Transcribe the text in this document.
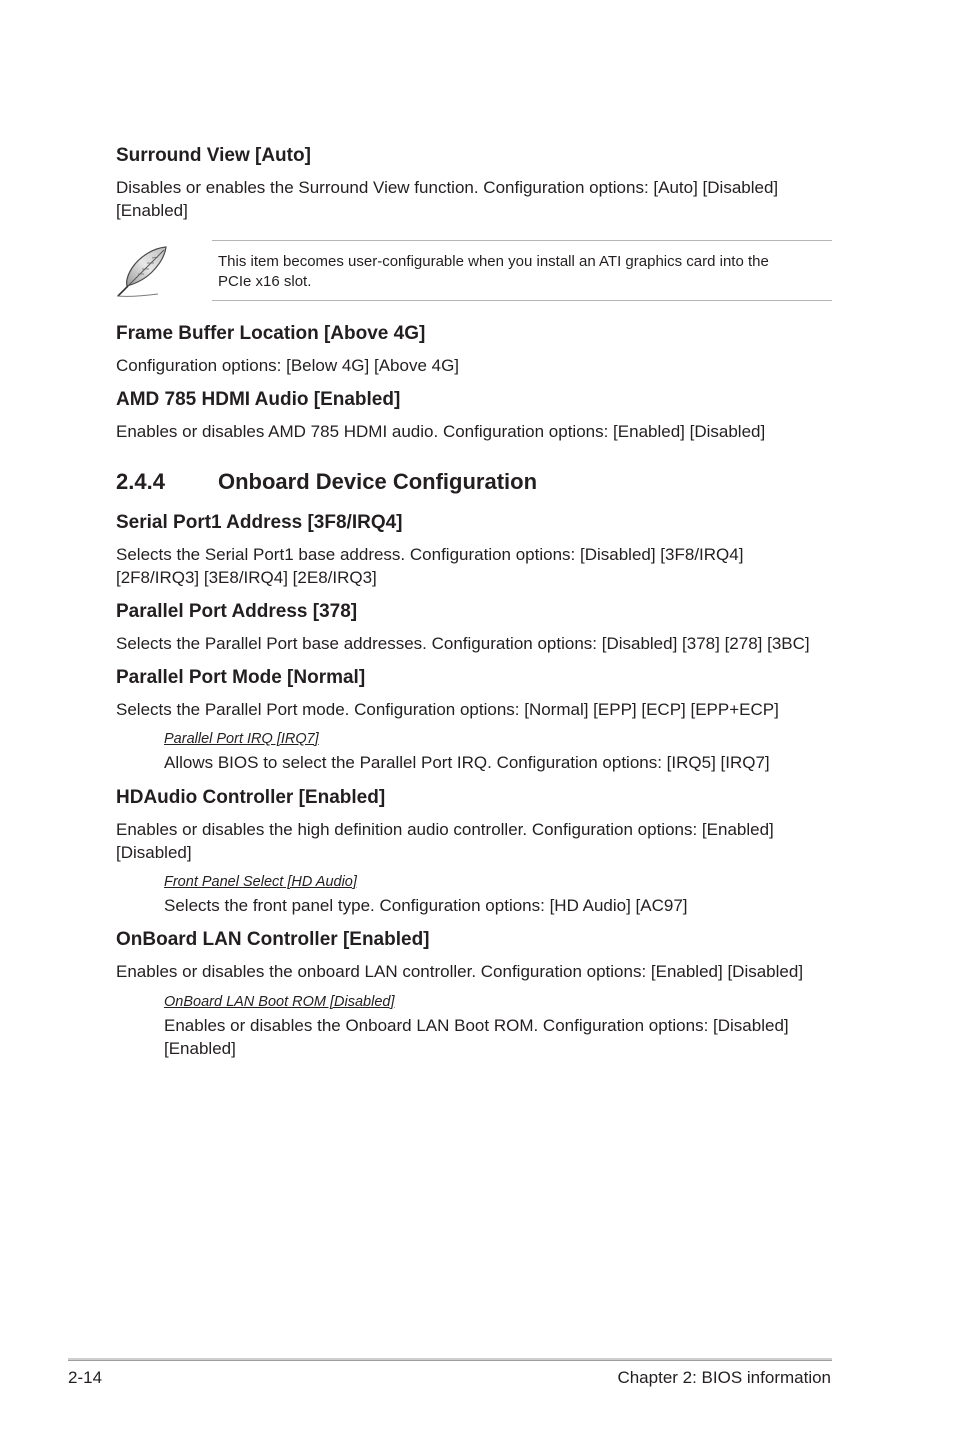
Surround View [Auto]
Disables or enables the Surround View function. Configuration options: [Auto] [Disabled]
[Enabled]
This item becomes user-configurable when you install an ATI graphics card into the
PCIe x16 slot.
Frame Buffer Location [Above 4G]
Configuration options: [Below 4G] [Above 4G]
AMD 785 HDMI Audio [Enabled]
Enables or disables AMD 785 HDMI audio. Configuration options: [Enabled] [Disabled]
2.4.4 Onboard Device Configuration
Serial Port1 Address [3F8/IRQ4]
Selects the Serial Port1 base address. Configuration options: [Disabled] [3F8/IRQ4]
[2F8/IRQ3] [3E8/IRQ4] [2E8/IRQ3]
Parallel Port Address [378]
Selects the Parallel Port base addresses. Configuration options: [Disabled] [378] [278] [3BC]
Parallel Port Mode [Normal]
Selects the Parallel Port mode. Configuration options: [Normal] [EPP] [ECP] [EPP+ECP]
Parallel Port IRQ [IRQ7]
Allows BIOS to select the Parallel Port IRQ. Configuration options: [IRQ5] [IRQ7]
HDAudio Controller [Enabled]
Enables or disables the high definition audio controller. Configuration options: [Enabled]
[Disabled]
Front Panel Select [HD Audio]
Selects the front panel type. Configuration options: [HD Audio] [AC97]
OnBoard LAN Controller [Enabled]
Enables or disables the onboard LAN controller. Configuration options: [Enabled] [Disabled]
OnBoard LAN Boot ROM [Disabled]
Enables or disables the Onboard LAN Boot ROM. Configuration options: [Disabled]
[Enabled]
2-14	Chapter 2: BIOS information
